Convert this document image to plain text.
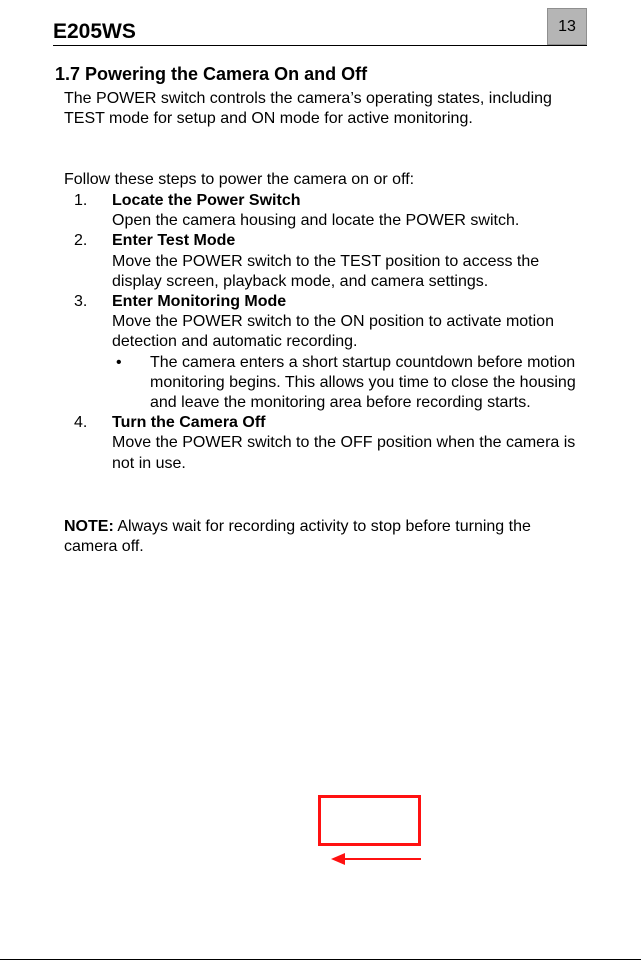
E205WS	13
1.7 Powering the Camera On and Off

The POWER switch controls the camera’s operating states, including TEST mode for setup and ON mode for active monitoring.

Follow these steps to power the camera on or off:

1.	Locate the Power Switch
Open the camera housing and locate the POWER switch.
2.	Enter Test Mode
Move the POWER switch to the TEST position to access the display screen, playback mode, and camera settings.
3.	Enter Monitoring Mode
Move the POWER switch to the ON position to activate motion detection and automatic recording.
•	The camera enters a short startup countdown before motion monitoring begins. This allows you time to close the housing and leave the monitoring area before recording starts.
4.	Turn the Camera Off
Move the POWER switch to the OFF position when the camera is not in use.

NOTE: Always wait for recording activity to stop before turning the camera off.
